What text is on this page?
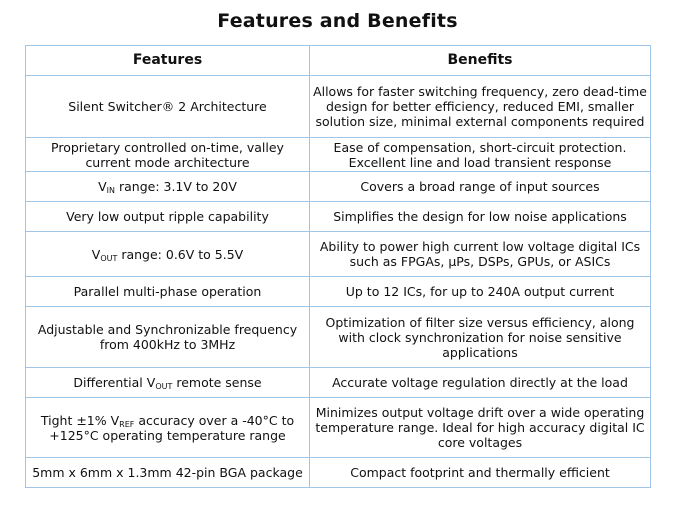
Features and Benefits
Features	Benefits
Silent Switcher® 2 Architecture	Allows for faster switching frequency, zero dead-time design for better efficiency, reduced EMI, smaller solution size, minimal external components required
Proprietary controlled on-time, valley current mode architecture	Ease of compensation, short-circuit protection. Excellent line and load transient response
$V_{IN}$ range: 3.1V to 20V	Covers a broad range of input sources
Very low output ripple capability	Simplifies the design for low noise applications
$V_{OUT}$ range: 0.6V to 5.5V	Ability to power high current low voltage digital ICs such as FPGAs, µPs, DSPs, GPUs, or ASICs
Parallel multi-phase operation	Up to 12 ICs, for up to 240A output current
Adjustable and Synchronizable frequency from 400kHz to 3MHz	Optimization of filter size versus efficiency, along with clock synchronization for noise sensitive applications
Differential $V_{OUT}$ remote sense	Accurate voltage regulation directly at the load
Tight ±1% $V_{REF}$ accuracy over a -40°C to +125°C operating temperature range	Minimizes output voltage drift over a wide operating temperature range. Ideal for high accuracy digital IC core voltages
5mm x 6mm x 1.3mm 42-pin BGA package	Compact footprint and thermally efficient
